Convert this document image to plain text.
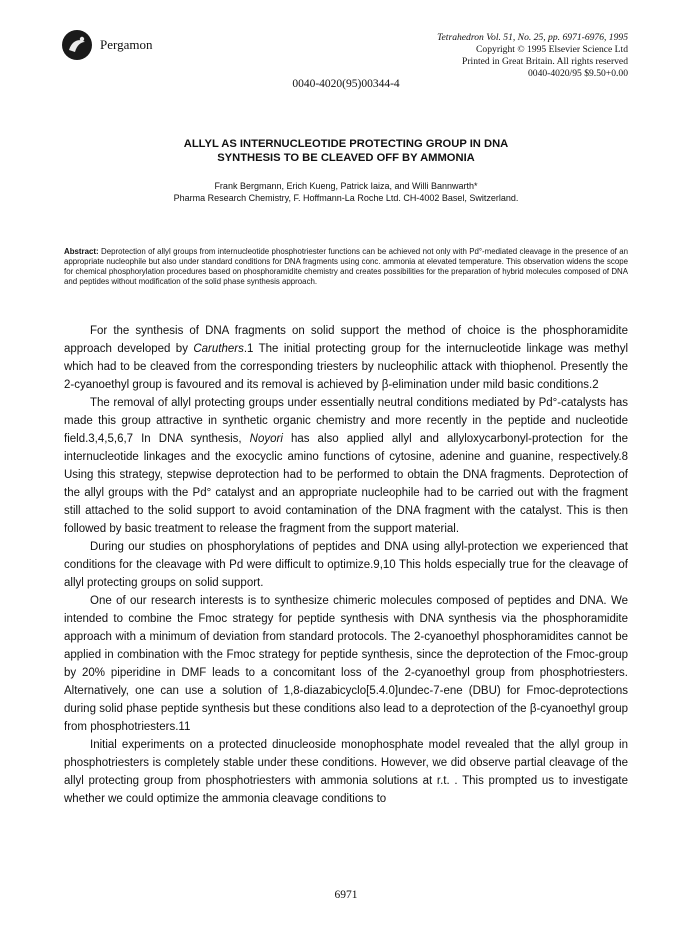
Pergamon	Tetrahedron Vol. 51, No. 25, pp. 6971-6976, 1995
Copyright © 1995 Elsevier Science Ltd
Printed in Great Britain. All rights reserved
0040-4020/95 $9.50+0.00
0040-4020(95)00344-4
ALLYL AS INTERNUCLEOTIDE PROTECTING GROUP IN DNA
SYNTHESIS TO BE CLEAVED OFF BY AMMONIA
Frank Bergmann, Erich Kueng, Patrick Iaiza, and Willi Bannwarth*
Pharma Research Chemistry, F. Hoffmann-La Roche Ltd. CH-4002 Basel, Switzerland.

Abstract: Deprotection of allyl groups from internucleotide phosphotriester functions can be achieved not only with Pd°-mediated cleavage in the presence of an appropriate nucleophile but also under standard conditions for DNA fragments using conc. ammonia at elevated temperature. This observation widens the scope for chemical phosphorylation procedures based on phosphoramidite chemistry and creates possibilities for the preparation of hybrid molecules composed of DNA and peptides without modification of the solid phase synthesis approach.

For the synthesis of DNA fragments on solid support the method of choice is the phosphoramidite approach developed by Caruthers.1 The initial protecting group for the internucleotide linkage was methyl which had to be cleaved from the corresponding triesters by nucleophilic attack with thiophenol. Presently the 2-cyanoethyl group is favoured and its removal is achieved by β-elimination under mild basic conditions.2

The removal of allyl protecting groups under essentially neutral conditions mediated by Pd°-catalysts has made this group attractive in synthetic organic chemistry and more recently in the peptide and nucleotide field.3,4,5,6,7 In DNA synthesis, Noyori has also applied allyl and allyloxycarbonyl-protection for the internucleotide linkages and the exocyclic amino functions of cytosine, adenine and guanine, respectively.8 Using this strategy, stepwise deprotection had to be performed to obtain the DNA fragments. Deprotection of the allyl groups with the Pd° catalyst and an appropriate nucleophile had to be carried out with the fragment still attached to the solid support to avoid contamination of the DNA fragment with the catalyst. This is then followed by basic treatment to release the fragment from the support material.

During our studies on phosphorylations of peptides and DNA using allyl-protection we experienced that conditions for the cleavage with Pd were difficult to optimize.9,10 This holds especially true for the cleavage of allyl protecting groups on solid support.

One of our research interests is to synthesize chimeric molecules composed of peptides and DNA. We intended to combine the Fmoc strategy for peptide synthesis with DNA synthesis via the phosphoramidite approach with a minimum of deviation from standard protocols. The 2-cyanoethyl phosphoramidites cannot be applied in combination with the Fmoc strategy for peptide synthesis, since the deprotection of the Fmoc-group by 20% piperidine in DMF leads to a concomitant loss of the 2-cyanoethyl group from phosphotriesters. Alternatively, one can use a solution of 1,8-diazabicyclo[5.4.0]undec-7-ene (DBU) for Fmoc-deprotections during solid phase peptide synthesis but these conditions also lead to a deprotection of the β-cyanoethyl group from phosphotriesters.11

Initial experiments on a protected dinucleoside monophosphate model revealed that the allyl group in phosphotriesters is completely stable under these conditions. However, we did observe partial cleavage of the allyl protecting group from phosphotriesters with ammonia solutions at r.t. . This prompted us to investigate whether we could optimize the ammonia cleavage conditions to

6971
